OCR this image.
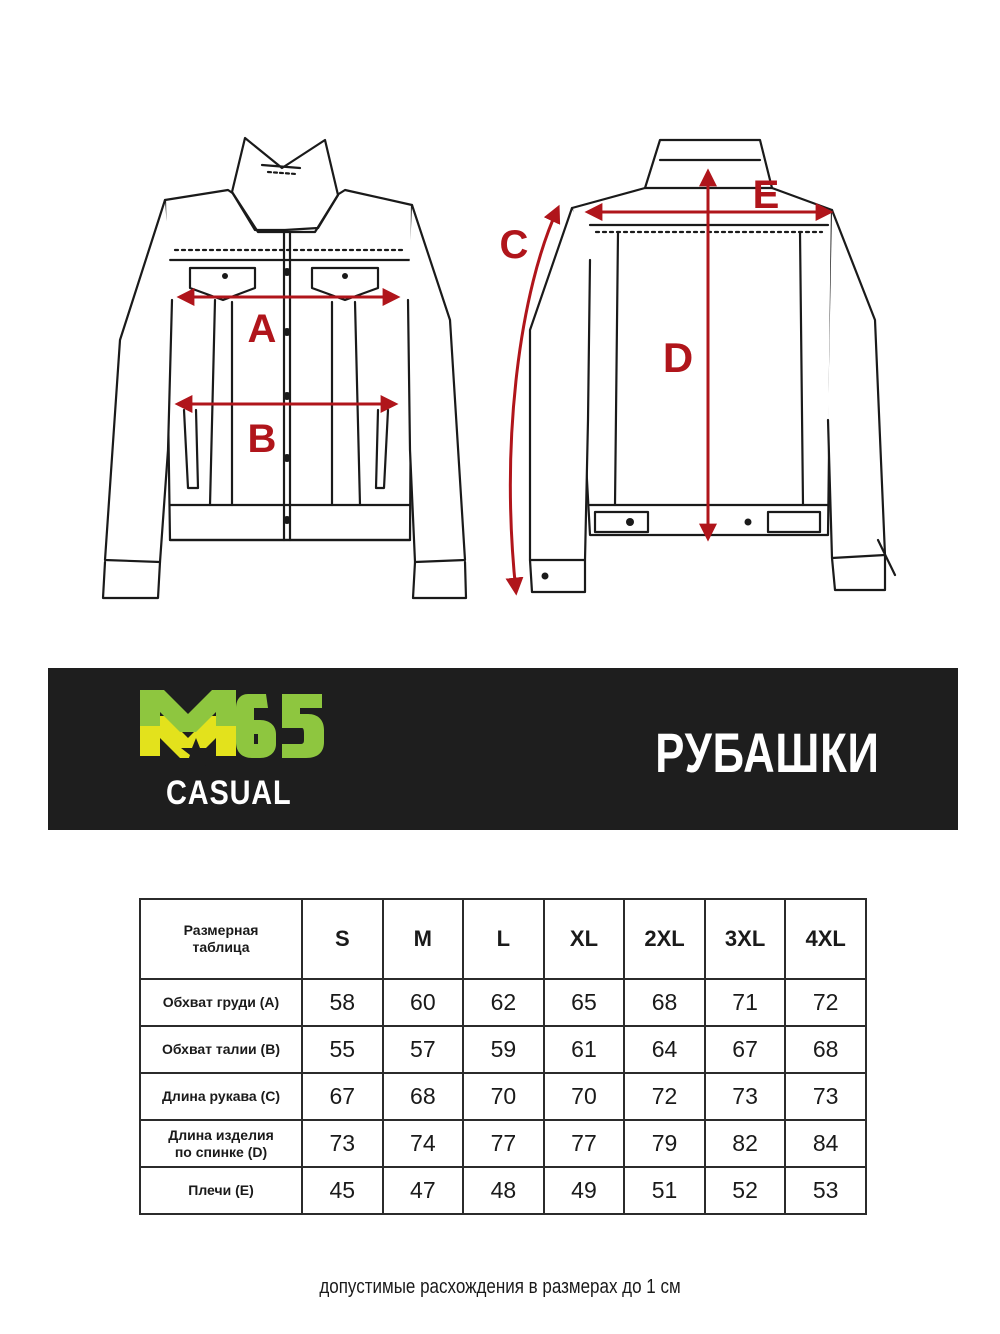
A
B
C
D
E
CASUAL
РУБАШКИ
Размерная
таблица	S	M	L	XL	2XL	3XL	4XL

Обхват груди (A)	58	60	62	65	68	71	72

Обхват талии (B)	55	57	59	61	64	67	68

Длина рукава (C)	67	68	70	70	72	73	73

Длина изделия
по спинке (D)	73	74	77	77	79	82	84

Плечи (E)	45	47	48	49	51	52	53
допустимые расхождения в размерах до 1 см
